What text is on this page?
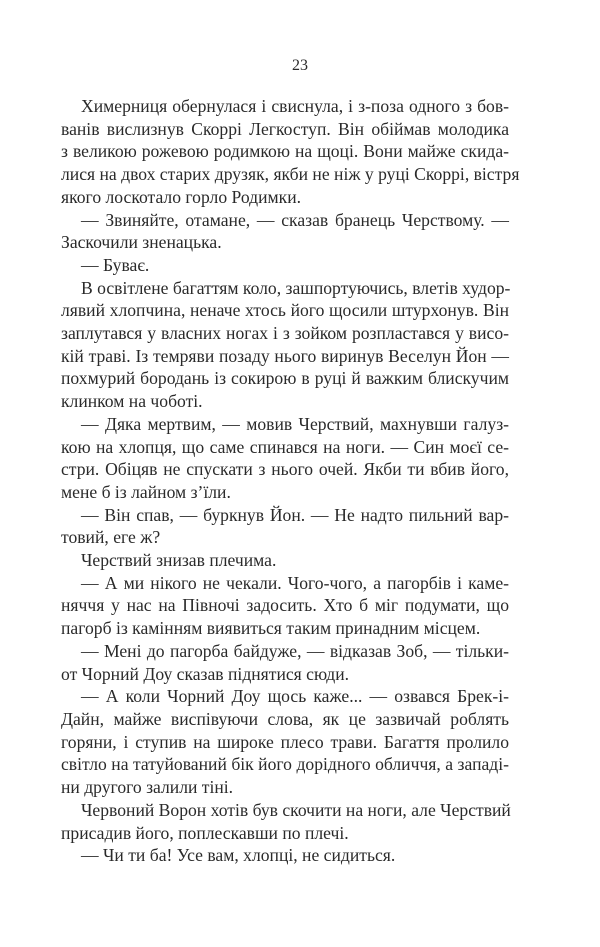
23
Химерниця обернулася і свиснула, і з-поза одного з бов-
ванів вислизнув Скоррі Легкоступ. Він обіймав молодика
з великою рожевою родимкою на щоці. Вони майже скида-
лися на двох старих друзяк, якби не ніж у руці Скоррі, вістря
якого лоскотало горло Родимки.
— Звиняйте, отамане, — сказав бранець Черствому. —
Заскочили зненацька.
— Буває.
В освітлене багаттям коло, зашпортуючись, влетів худор-
лявий хлопчина, неначе хтось його щосили штурхонув. Він
заплутався у власних ногах і з зойком розпластався у висо-
кій траві. Із темряви позаду нього виринув Веселун Йон —
похмурий бородань із сокирою в руці й важким блискучим
клинком на чоботі.
— Дяка мертвим, — мовив Черствий, махнувши галуз-
кою на хлопця, що саме спинався на ноги. — Син моєї се-
стри. Обіцяв не спускати з нього очей. Якби ти вбив його,
мене б із лайном з’їли.
— Він спав, — буркнув Йон. — Не надто пильний вар-
товий, еге ж?
Черствий знизав плечима.
— А ми нікого не чекали. Чого-чого, а пагорбів і каме-
няччя у нас на Півночі задосить. Хто б міг подумати, що
пагорб із камінням виявиться таким принадним місцем.
— Мені до пагорба байдуже, — відказав Зоб, — тільки-
от Чорний Доу сказав піднятися сюди.
— А коли Чорний Доу щось каже... — озвався Брек-і-
Дайн, майже виспівуючи слова, як це зазвичай роблять
горяни, і ступив на широке плесо трави. Багаття пролило
світло на татуйований бік його дорідного обличчя, а западі-
ни другого залили тіні.
Червоний Ворон хотів був скочити на ноги, але Черствий
присадив його, поплескавши по плечі.
— Чи ти ба! Усе вам, хлопці, не сидиться.
